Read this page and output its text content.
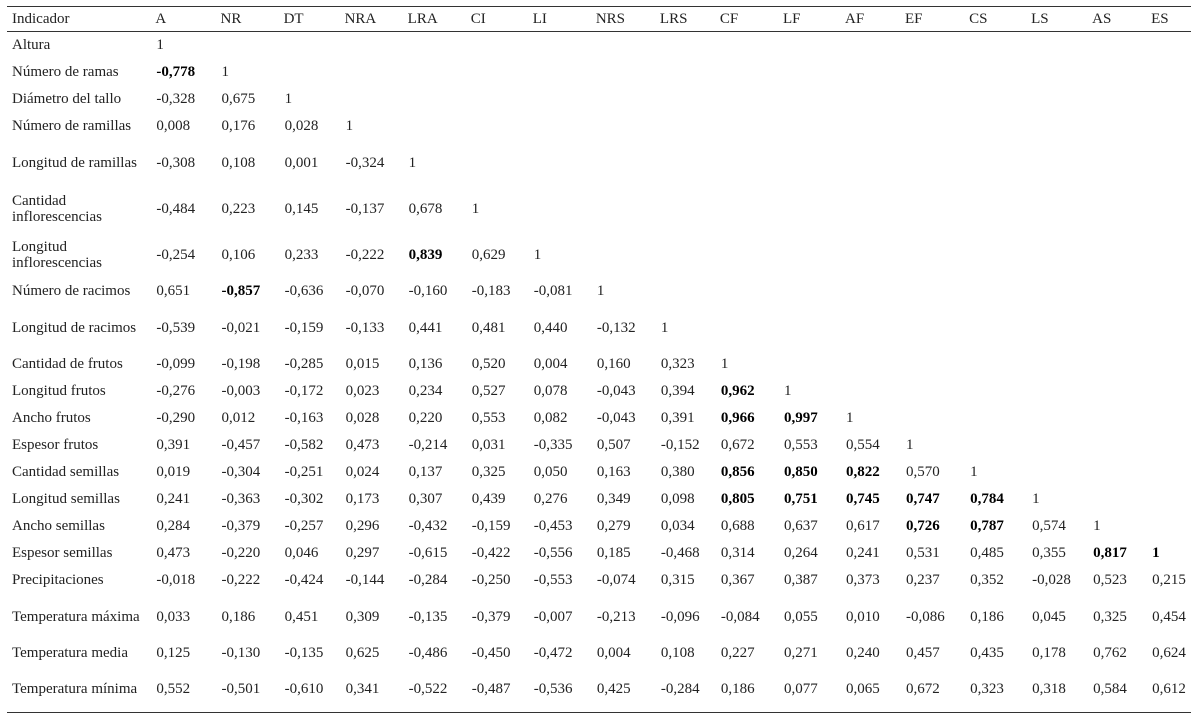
Indicador	A	NR	DT	NRA	LRA	CI	LI	NRS	LRS	CF	LF	AF	EF	CS	LS	AS	ES
Altura	1																
Número de ramas	-0,778	1															
Diámetro del tallo	-0,328	0,675	1														
Número de ramillas	0,008	0,176	0,028	1													
Longitud de ramillas	-0,308	0,108	0,001	-0,324	1												
Cantidad inflorescencias	-0,484	0,223	0,145	-0,137	0,678	1											
Longitud inflorescencias	-0,254	0,106	0,233	-0,222	0,839	0,629	1										
Número de racimos	0,651	-0,857	-0,636	-0,070	-0,160	-0,183	-0,081	1									
Longitud de racimos	-0,539	-0,021	-0,159	-0,133	0,441	0,481	0,440	-0,132	1								
Cantidad de frutos	-0,099	-0,198	-0,285	0,015	0,136	0,520	0,004	0,160	0,323	1							
Longitud frutos	-0,276	-0,003	-0,172	0,023	0,234	0,527	0,078	-0,043	0,394	0,962	1						
Ancho frutos	-0,290	0,012	-0,163	0,028	0,220	0,553	0,082	-0,043	0,391	0,966	0,997	1					
Espesor frutos	0,391	-0,457	-0,582	0,473	-0,214	0,031	-0,335	0,507	-0,152	0,672	0,553	0,554	1				
Cantidad semillas	0,019	-0,304	-0,251	0,024	0,137	0,325	0,050	0,163	0,380	0,856	0,850	0,822	0,570	1			
Longitud semillas	0,241	-0,363	-0,302	0,173	0,307	0,439	0,276	0,349	0,098	0,805	0,751	0,745	0,747	0,784	1		
Ancho semillas	0,284	-0,379	-0,257	0,296	-0,432	-0,159	-0,453	0,279	0,034	0,688	0,637	0,617	0,726	0,787	0,574	1	
Espesor semillas	0,473	-0,220	0,046	0,297	-0,615	-0,422	-0,556	0,185	-0,468	0,314	0,264	0,241	0,531	0,485	0,355	0,817	1
Precipitaciones	-0,018	-0,222	-0,424	-0,144	-0,284	-0,250	-0,553	-0,074	0,315	0,367	0,387	0,373	0,237	0,352	-0,028	0,523	0,215
Temperatura máxima	0,033	0,186	0,451	0,309	-0,135	-0,379	-0,007	-0,213	-0,096	-0,084	0,055	0,010	-0,086	0,186	0,045	0,325	0,454
Temperatura media	0,125	-0,130	-0,135	0,625	-0,486	-0,450	-0,472	0,004	0,108	0,227	0,271	0,240	0,457	0,435	0,178	0,762	0,624
Temperatura mínima	0,552	-0,501	-0,610	0,341	-0,522	-0,487	-0,536	0,425	-0,284	0,186	0,077	0,065	0,672	0,323	0,318	0,584	0,612
